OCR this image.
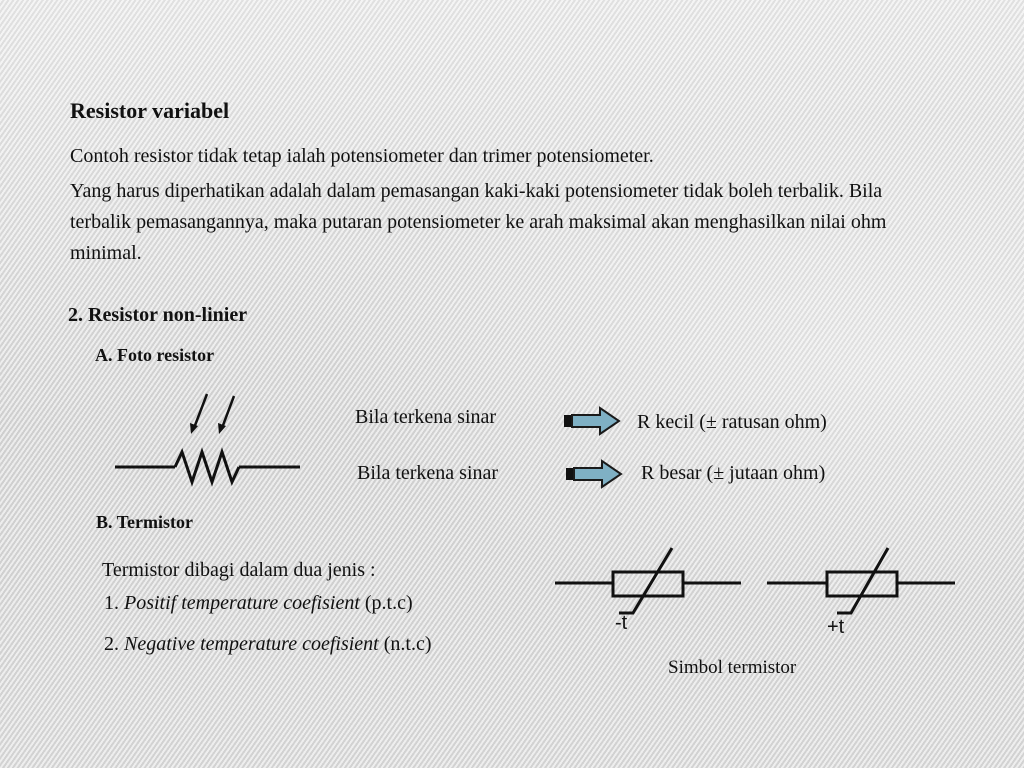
Resistor variabel
Contoh resistor tidak tetap ialah potensiometer dan trimer potensiometer.
Yang harus diperhatikan adalah dalam pemasangan kaki-kaki potensiometer tidak boleh terbalik. Bila terbalik pemasangannya, maka putaran potensiometer ke arah maksimal akan menghasilkan nilai ohm minimal.
2. Resistor non-linier
A. Foto resistor
Bila terkena sinar	R kecil (± ratusan ohm)
Bila terkena sinar	R besar (± jutaan ohm)
B. Termistor
Termistor dibagi dalam dua jenis :
1. Positif temperature coefisient (p.t.c)
2. Negative temperature coefisient (n.t.c)
-t	+t
Simbol termistor
